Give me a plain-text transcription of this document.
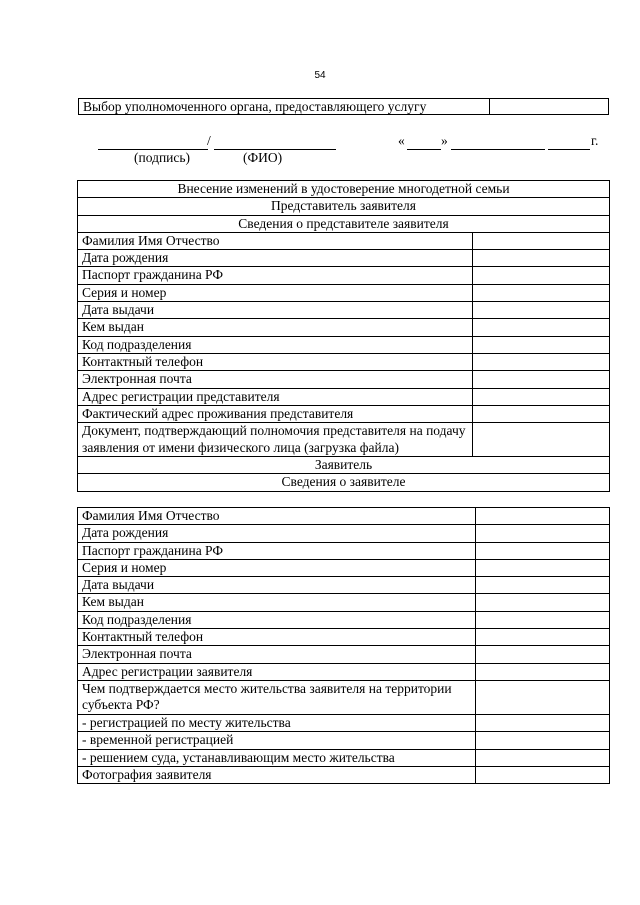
54
Выбор уполномоченного органа, предоставляющего услугу
/	«	»	г.
(подпись)	(ФИО)
Внесение изменений в удостоверение многодетной семьи	
Представитель заявителя	
Сведения о представителе заявителя	
Фамилия Имя Отчество	
Дата рождения	
Паспорт гражданина РФ	
Серия и номер	
Дата выдачи	
Кем выдан	
Код подразделения	
Контактный телефон	
Электронная почта	
Адрес регистрации представителя	
Фактический адрес проживания представителя	
Документ, подтверждающий полномочия представителя на подачу заявления от имени физического лица (загрузка файла)	
Заявитель	
Сведения о заявителе	
Фамилия Имя Отчество	
Дата рождения	
Паспорт гражданина РФ	
Серия и номер	
Дата выдачи	
Кем выдан	
Код подразделения	
Контактный телефон	
Электронная почта	
Адрес регистрации заявителя	
Чем подтверждается место жительства заявителя на территории субъекта РФ?	
- регистрацией по месту жительства	
- временной регистрацией	
- решением суда, устанавливающим место жительства	
Фотография заявителя	
